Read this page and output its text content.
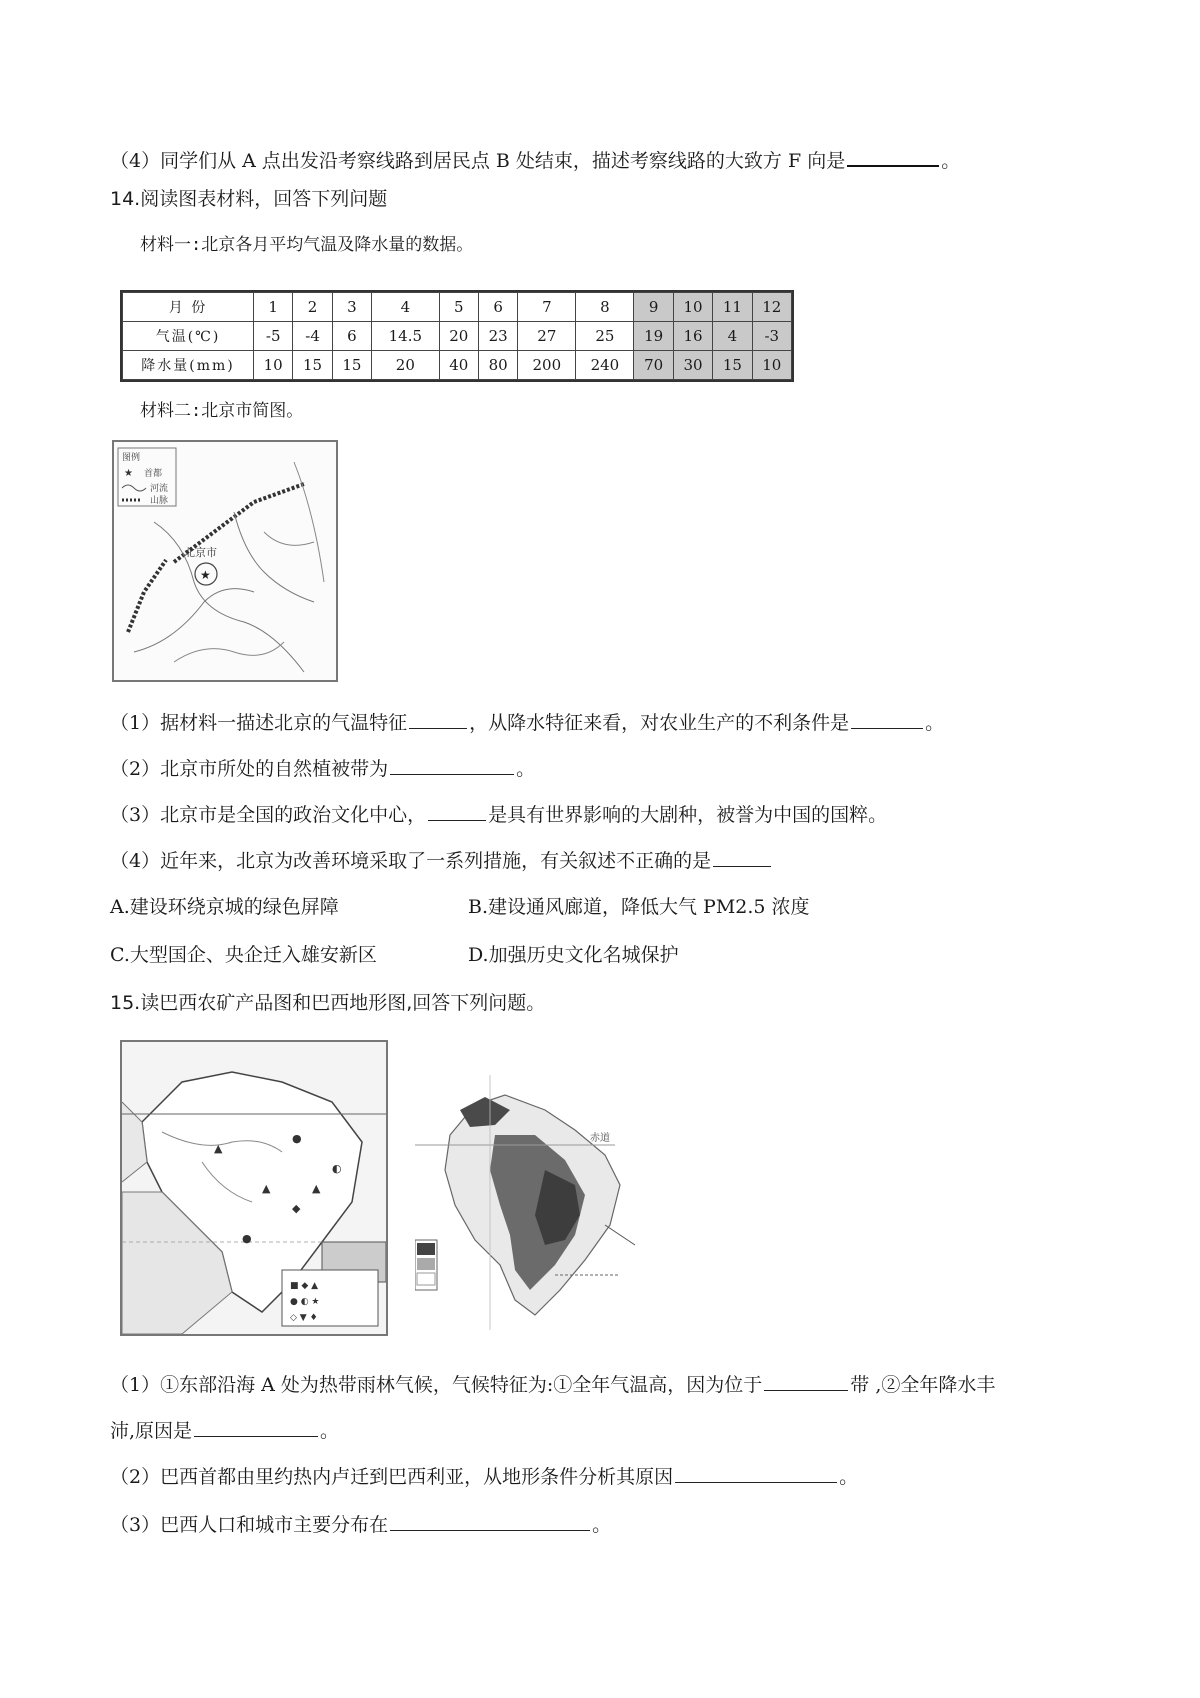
（4）同学们从 A 点出发沿考察线路到居民点 B 处结束，描述考察线路的大致方 F 向是	。
14.阅读图表材料，回答下列问题
材料一:北京各月平均气温及降水量的数据。
月 份	1	2	3	4	5	6	7	8	9	10	11	12
气温(℃)	-5	-4	6	14.5	20	23	27	25	19	16	4	-3
降水量(mm)	10	15	15	20	40	80	200	240	70	30	15	10
材料二:北京市简图。
图例
★ 首都
河流
山脉
★
北京市
（1）据材料一描述北京的气温特征	，从降水特征来看，对农业生产的不利条件是	。
（2）北京市所处的自然植被带为	。
（3）北京市是全国的政治文化中心，	是具有世界影响的大剧种，被誉为中国的国粹。
（4）近年来，北京为改善环境采取了一系列措施，有关叙述不正确的是
A.建设环绕京城的绿色屏障	B.建设通风廊道，降低大气 PM2.5 浓度
C.大型国企、央企迁入雄安新区	D.加强历史文化名城保护
15.读巴西农矿产品图和巴西地形图,回答下列问题。
▲
●
◐
▲
◆
▲
●
■ ◆ ▲
● ◐ ★
◇ ▼ ♦
赤道
（1）①东部沿海 A 处为热带雨林气候，气候特征为:①全年气温高，因为位于	带 ,②全年降水丰
沛,原因是	。
（2）巴西首都由里约热内卢迁到巴西利亚，从地形条件分析其原因	。
（3）巴西人口和城市主要分布在	。
